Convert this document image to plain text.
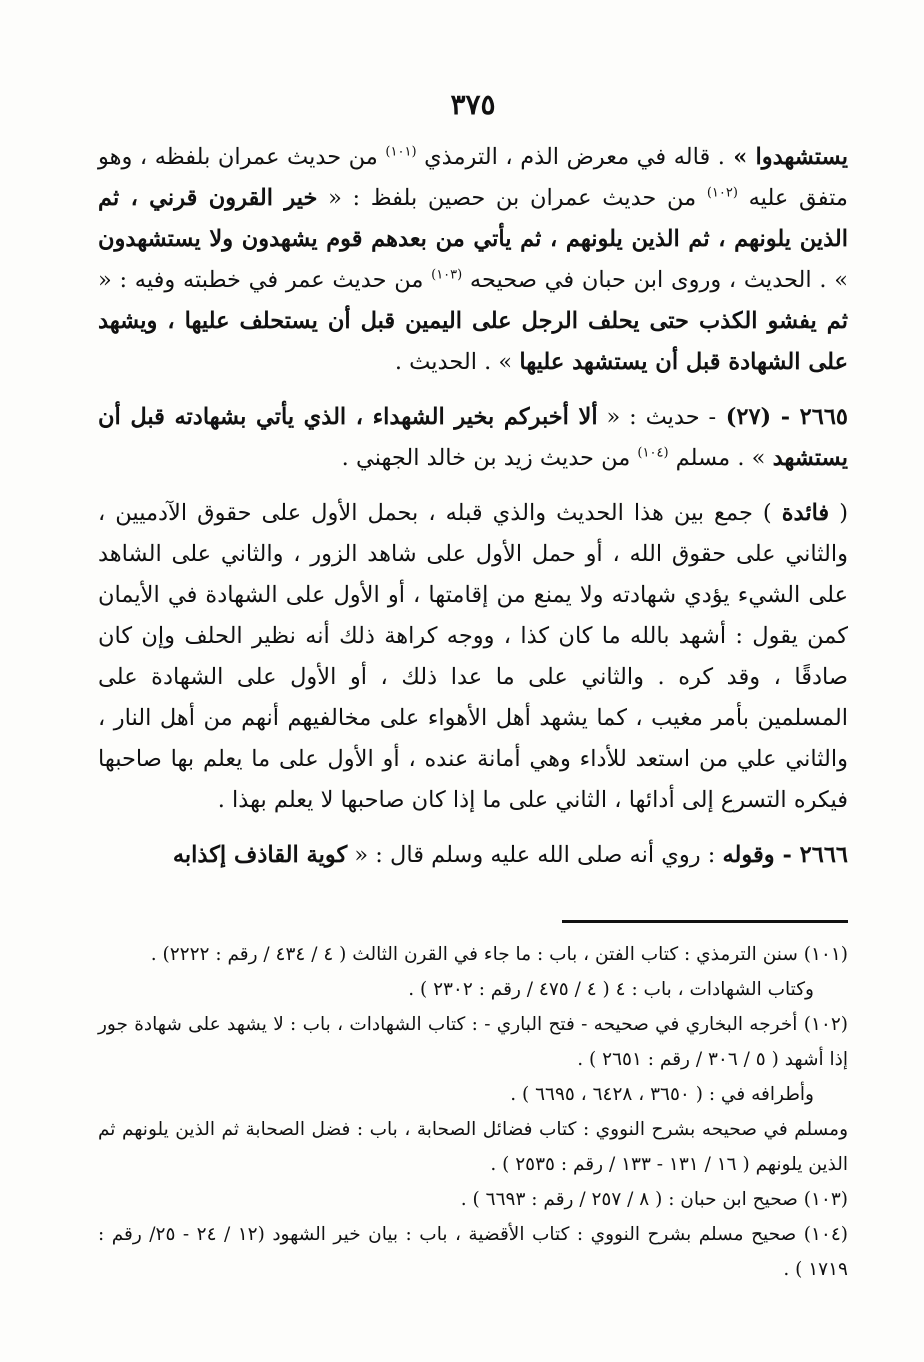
٣٧٥

يستشهدوا » . قاله في معرض الذم ، الترمذي $^{(١٠١)}$ من حديث عمران بلفظه ، وهو متفق عليه $^{(١٠٢)}$ من حديث عمران بن حصين بلفظ : « خير القرون قرني ، ثم الذين يلونهم ، ثم الذين يلونهم ، ثم يأتي من بعدهم قوم يشهدون ولا يستشهدون » . الحديث ، وروى ابن حبان في صحيحه $^{(١٠٣)}$ من حديث عمر في خطبته وفيه : « ثم يفشو الكذب حتى يحلف الرجل على اليمين قبل أن يستحلف عليها ، ويشهد على الشهادة قبل أن يستشهد عليها » . الحديث .

٢٦٦٥ - (٢٧) - حديث : « ألا أخبركم بخير الشهداء ، الذي يأتي بشهادته قبل أن يستشهد » . مسلم $^{(١٠٤)}$ من حديث زيد بن خالد الجهني .

( فائدة ) جمع بين هذا الحديث والذي قبله ، بحمل الأول على حقوق الآدميين ، والثاني على حقوق الله ، أو حمل الأول على شاهد الزور ، والثاني على الشاهد على الشيء يؤدي شهادته ولا يمنع من إقامتها ، أو الأول على الشهادة في الأيمان كمن يقول : أشهد بالله ما كان كذا ، ووجه كراهة ذلك أنه نظير الحلف وإن كان صادقًا ، وقد كره . والثاني على ما عدا ذلك ، أو الأول على الشهادة على المسلمين بأمر مغيب ، كما يشهد أهل الأهواء على مخالفيهم أنهم من أهل النار ، والثاني علي من استعد للأداء وهي أمانة عنده ، أو الأول على ما يعلم بها صاحبها فيكره التسرع إلى أدائها ، الثاني على ما إذا كان صاحبها لا يعلم بهذا .

٢٦٦٦ - وقوله : روي أنه صلى الله عليه وسلم قال : « كوية القاذف إكذابه

(١٠١) سنن الترمذي : كتاب الفتن ، باب : ما جاء في القرن الثالث ( ٤ / ٤٣٤ / رقم : ٢٢٢٢) .

وكتاب الشهادات ، باب : ٤ ( ٤ / ٤٧٥ / رقم : ٢٣٠٢ ) .

(١٠٢) أخرجه البخاري في صحيحه - فتح الباري - : كتاب الشهادات ، باب : لا يشهد على شهادة جور إذا أشهد ( ٥ / ٣٠٦ / رقم : ٢٦٥١ ) .

وأطرافه في : ( ٣٦٥٠ ، ٦٤٢٨ ، ٦٦٩٥ ) .

ومسلم في صحيحه بشرح النووي : كتاب فضائل الصحابة ، باب : فضل الصحابة ثم الذين يلونهم ثم الذين يلونهم ( ١٦ / ١٣١ - ١٣٣ / رقم : ٢٥٣٥ ) .

(١٠٣) صحيح ابن حبان : ( ٨ / ٢٥٧ / رقم : ٦٦٩٣ ) .

(١٠٤) صحيح مسلم بشرح النووي : كتاب الأقضية ، باب : بيان خير الشهود (١٢ / ٢٤ - ٢٥/ رقم : ١٧١٩ ) .
